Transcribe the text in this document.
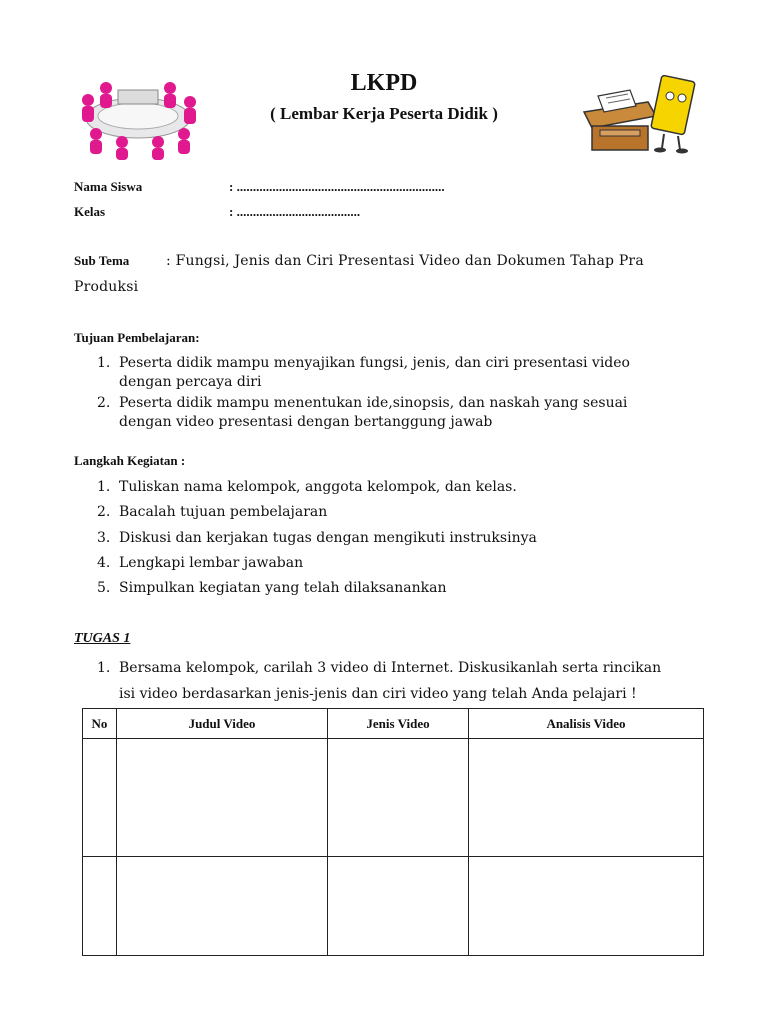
LKPD
( Lembar Kerja Peserta Didik )
Nama Siswa	: ................................................................
Kelas	: ......................................
Sub Tema	: Fungsi, Jenis dan Ciri Presentasi Video dan Dokumen Tahap Pra
Produksi
Tujuan Pembelajaran:
1. Peserta didik mampu menyajikan fungsi, jenis, dan ciri presentasi video
dengan percaya diri
2. Peserta didik mampu menentukan ide,sinopsis, dan naskah yang sesuai
dengan video presentasi dengan bertanggung jawab
Langkah Kegiatan :
1. Tuliskan nama kelompok, anggota kelompok, dan kelas.
2. Bacalah tujuan pembelajaran
3. Diskusi dan kerjakan tugas dengan mengikuti instruksinya
4. Lengkapi lembar jawaban
5. Simpulkan kegiatan yang telah dilaksanankan
TUGAS 1
1. Bersama kelompok, carilah 3 video di Internet. Diskusikanlah serta rincikan
isi video berdasarkan jenis-jenis dan ciri video yang telah Anda pelajari !
No	Judul Video	Jenis Video	Analisis Video
